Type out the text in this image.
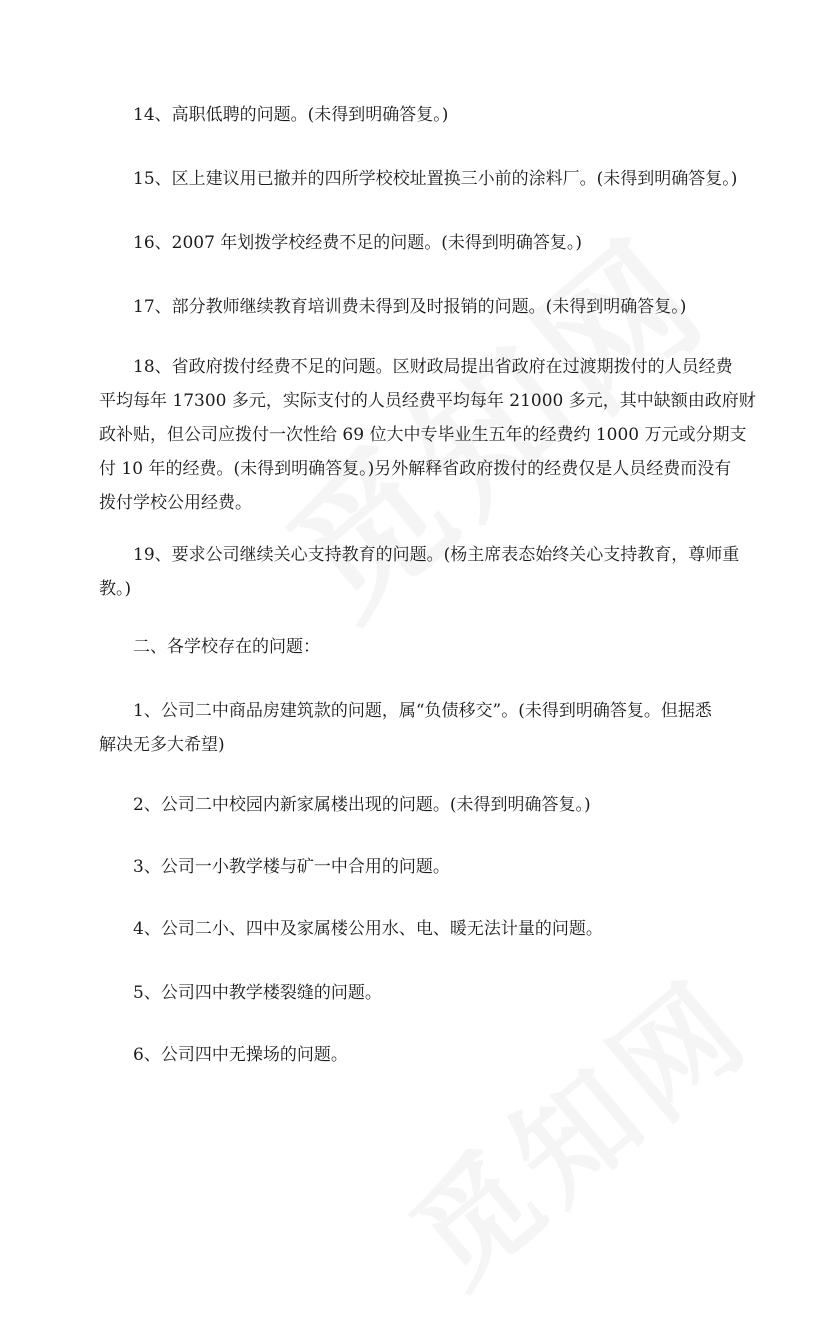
14、高职低聘的问题。(未得到明确答复。)

15、区上建议用已撤并的四所学校校址置换三小前的涂料厂。(未得到明确答复。)

16、2007 年划拨学校经费不足的问题。(未得到明确答复。)

17、部分教师继续教育培训费未得到及时报销的问题。(未得到明确答复。)

18、省政府拨付经费不足的问题。区财政局提出省政府在过渡期拨付的人员经费
平均每年 17300 多元，实际支付的人员经费平均每年 21000 多元，其中缺额由政府财
政补贴，但公司应拨付一次性给 69 位大中专毕业生五年的经费约 1000 万元或分期支
付 10 年的经费。(未得到明确答复。)另外解释省政府拨付的经费仅是人员经费而没有
拨付学校公用经费。

19、要求公司继续关心支持教育的问题。(杨主席表态始终关心支持教育，尊师重
教。)

二、各学校存在的问题：

1、公司二中商品房建筑款的问题，属“负债移交”。(未得到明确答复。但据悉
解决无多大希望)

2、公司二中校园内新家属楼出现的问题。(未得到明确答复。)

3、公司一小教学楼与矿一中合用的问题。

4、公司二小、四中及家属楼公用水、电、暖无法计量的问题。

5、公司四中教学楼裂缝的问题。

6、公司四中无操场的问题。
